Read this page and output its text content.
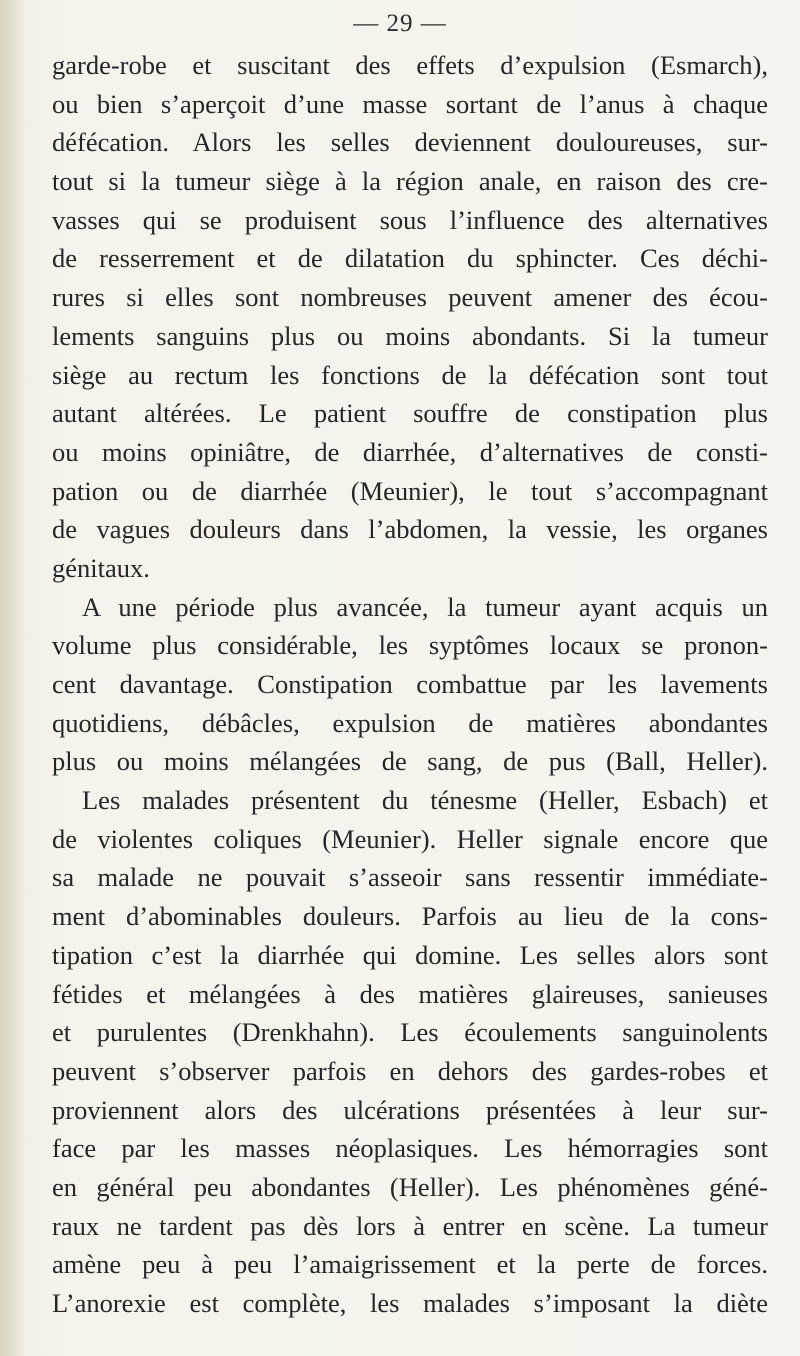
— 29 —
garde-robe et suscitant des effets d’expulsion (Esmarch),
ou bien s’aperçoit d’une masse sortant de l’anus à chaque
défécation. Alors les selles deviennent douloureuses, sur-
tout si la tumeur siège à la région anale, en raison des cre-
vasses qui se produisent sous l’influence des alternatives
de resserrement et de dilatation du sphincter. Ces déchi-
rures si elles sont nombreuses peuvent amener des écou-
lements sanguins plus ou moins abondants. Si la tumeur
siège au rectum les fonctions de la défécation sont tout
autant altérées. Le patient souffre de constipation plus
ou moins opiniâtre, de diarrhée, d’alternatives de consti-
pation ou de diarrhée (Meunier), le tout s’accompagnant
de vagues douleurs dans l’abdomen, la vessie, les organes
génitaux.
A une période plus avancée, la tumeur ayant acquis un
volume plus considérable, les syptômes locaux se pronon-
cent davantage. Constipation combattue par les lavements
quotidiens, débâcles, expulsion de matières abondantes
plus ou moins mélangées de sang, de pus (Ball, Heller).
Les malades présentent du ténesme (Heller, Esbach) et
de violentes coliques (Meunier). Heller signale encore que
sa malade ne pouvait s’asseoir sans ressentir immédiate-
ment d’abominables douleurs. Parfois au lieu de la cons-
tipation c’est la diarrhée qui domine. Les selles alors sont
fétides et mélangées à des matières glaireuses, sanieuses
et purulentes (Drenkhahn). Les écoulements sanguinolents
peuvent s’observer parfois en dehors des gardes-robes et
proviennent alors des ulcérations présentées à leur sur-
face par les masses néoplasiques. Les hémorragies sont
en général peu abondantes (Heller). Les phénomènes géné-
raux ne tardent pas dès lors à entrer en scène. La tumeur
amène peu à peu l’amaigrissement et la perte de forces.
L’anorexie est complète, les malades s’imposant la diète
